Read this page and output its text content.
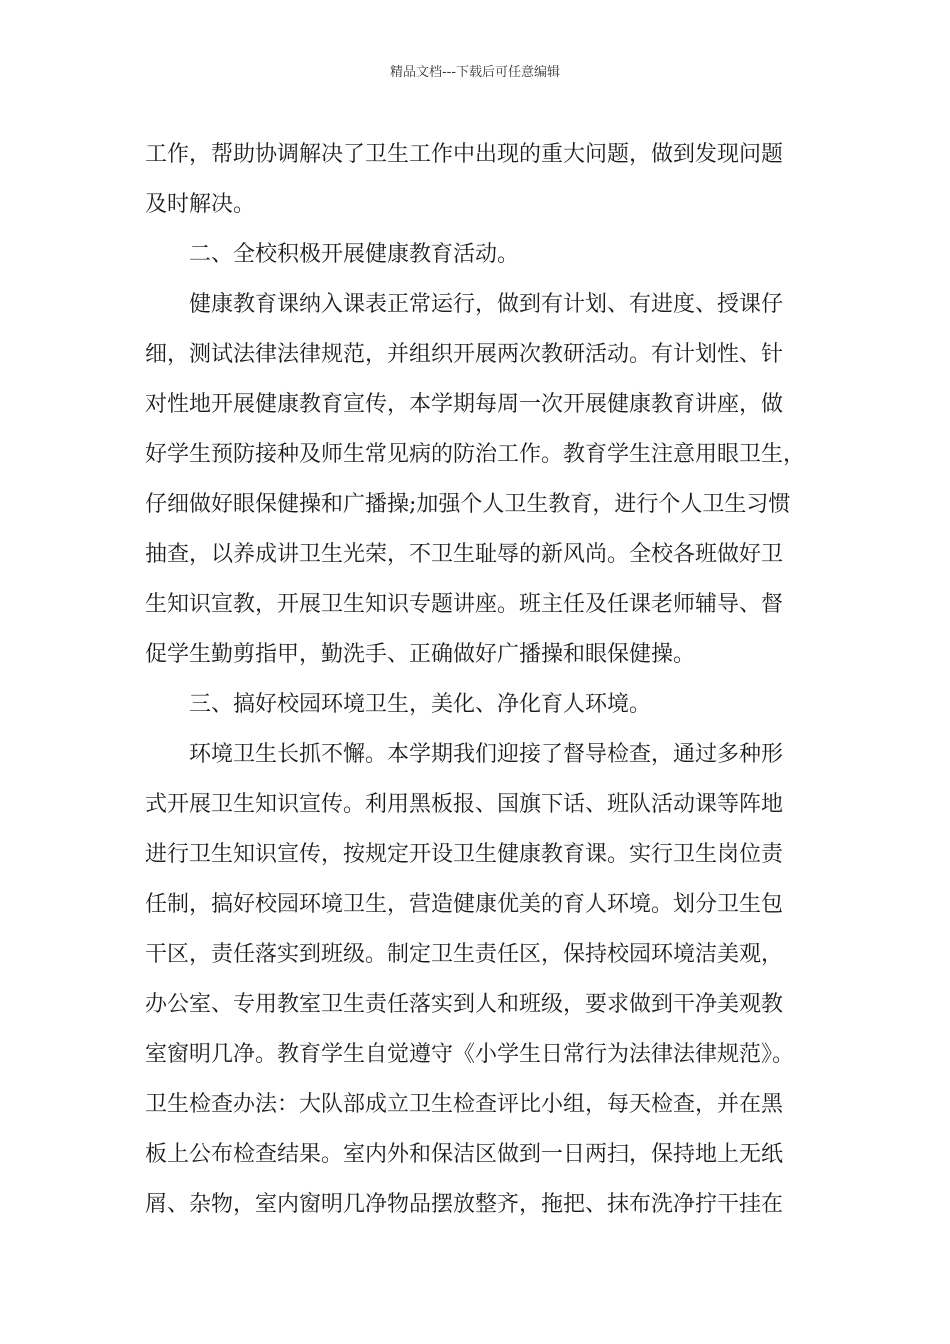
精品文档---下载后可任意编辑
工作，帮助协调解决了卫生工作中出现的重大问题，做到发现问题
及时解决。
二、全校积极开展健康教育活动。
健康教育课纳入课表正常运行，做到有计划、有进度、授课仔
细，测试法律法律规范，并组织开展两次教研活动。有计划性、针
对性地开展健康教育宣传，本学期每周一次开展健康教育讲座，做
好学生预防接种及师生常见病的防治工作。教育学生注意用眼卫生，
仔细做好眼保健操和广播操;加强个人卫生教育，进行个人卫生习惯
抽查，以养成讲卫生光荣，不卫生耻辱的新风尚。全校各班做好卫
生知识宣教，开展卫生知识专题讲座。班主任及任课老师辅导、督
促学生勤剪指甲，勤洗手、正确做好广播操和眼保健操。
三、搞好校园环境卫生，美化、净化育人环境。
环境卫生长抓不懈。本学期我们迎接了督导检查，通过多种形
式开展卫生知识宣传。利用黑板报、国旗下话、班队活动课等阵地
进行卫生知识宣传，按规定开设卫生健康教育课。实行卫生岗位责
任制，搞好校园环境卫生，营造健康优美的育人环境。划分卫生包
干区，责任落实到班级。制定卫生责任区，保持校园环境洁美观，
办公室、专用教室卫生责任落实到人和班级，要求做到干净美观教
室窗明几净。教育学生自觉遵守《小学生日常行为法律法律规范》。
卫生检查办法：大队部成立卫生检查评比小组，每天检查，并在黑
板上公布检查结果。室内外和保洁区做到一日两扫，保持地上无纸
屑、杂物，室内窗明几净物品摆放整齐，拖把、抹布洗净拧干挂在
